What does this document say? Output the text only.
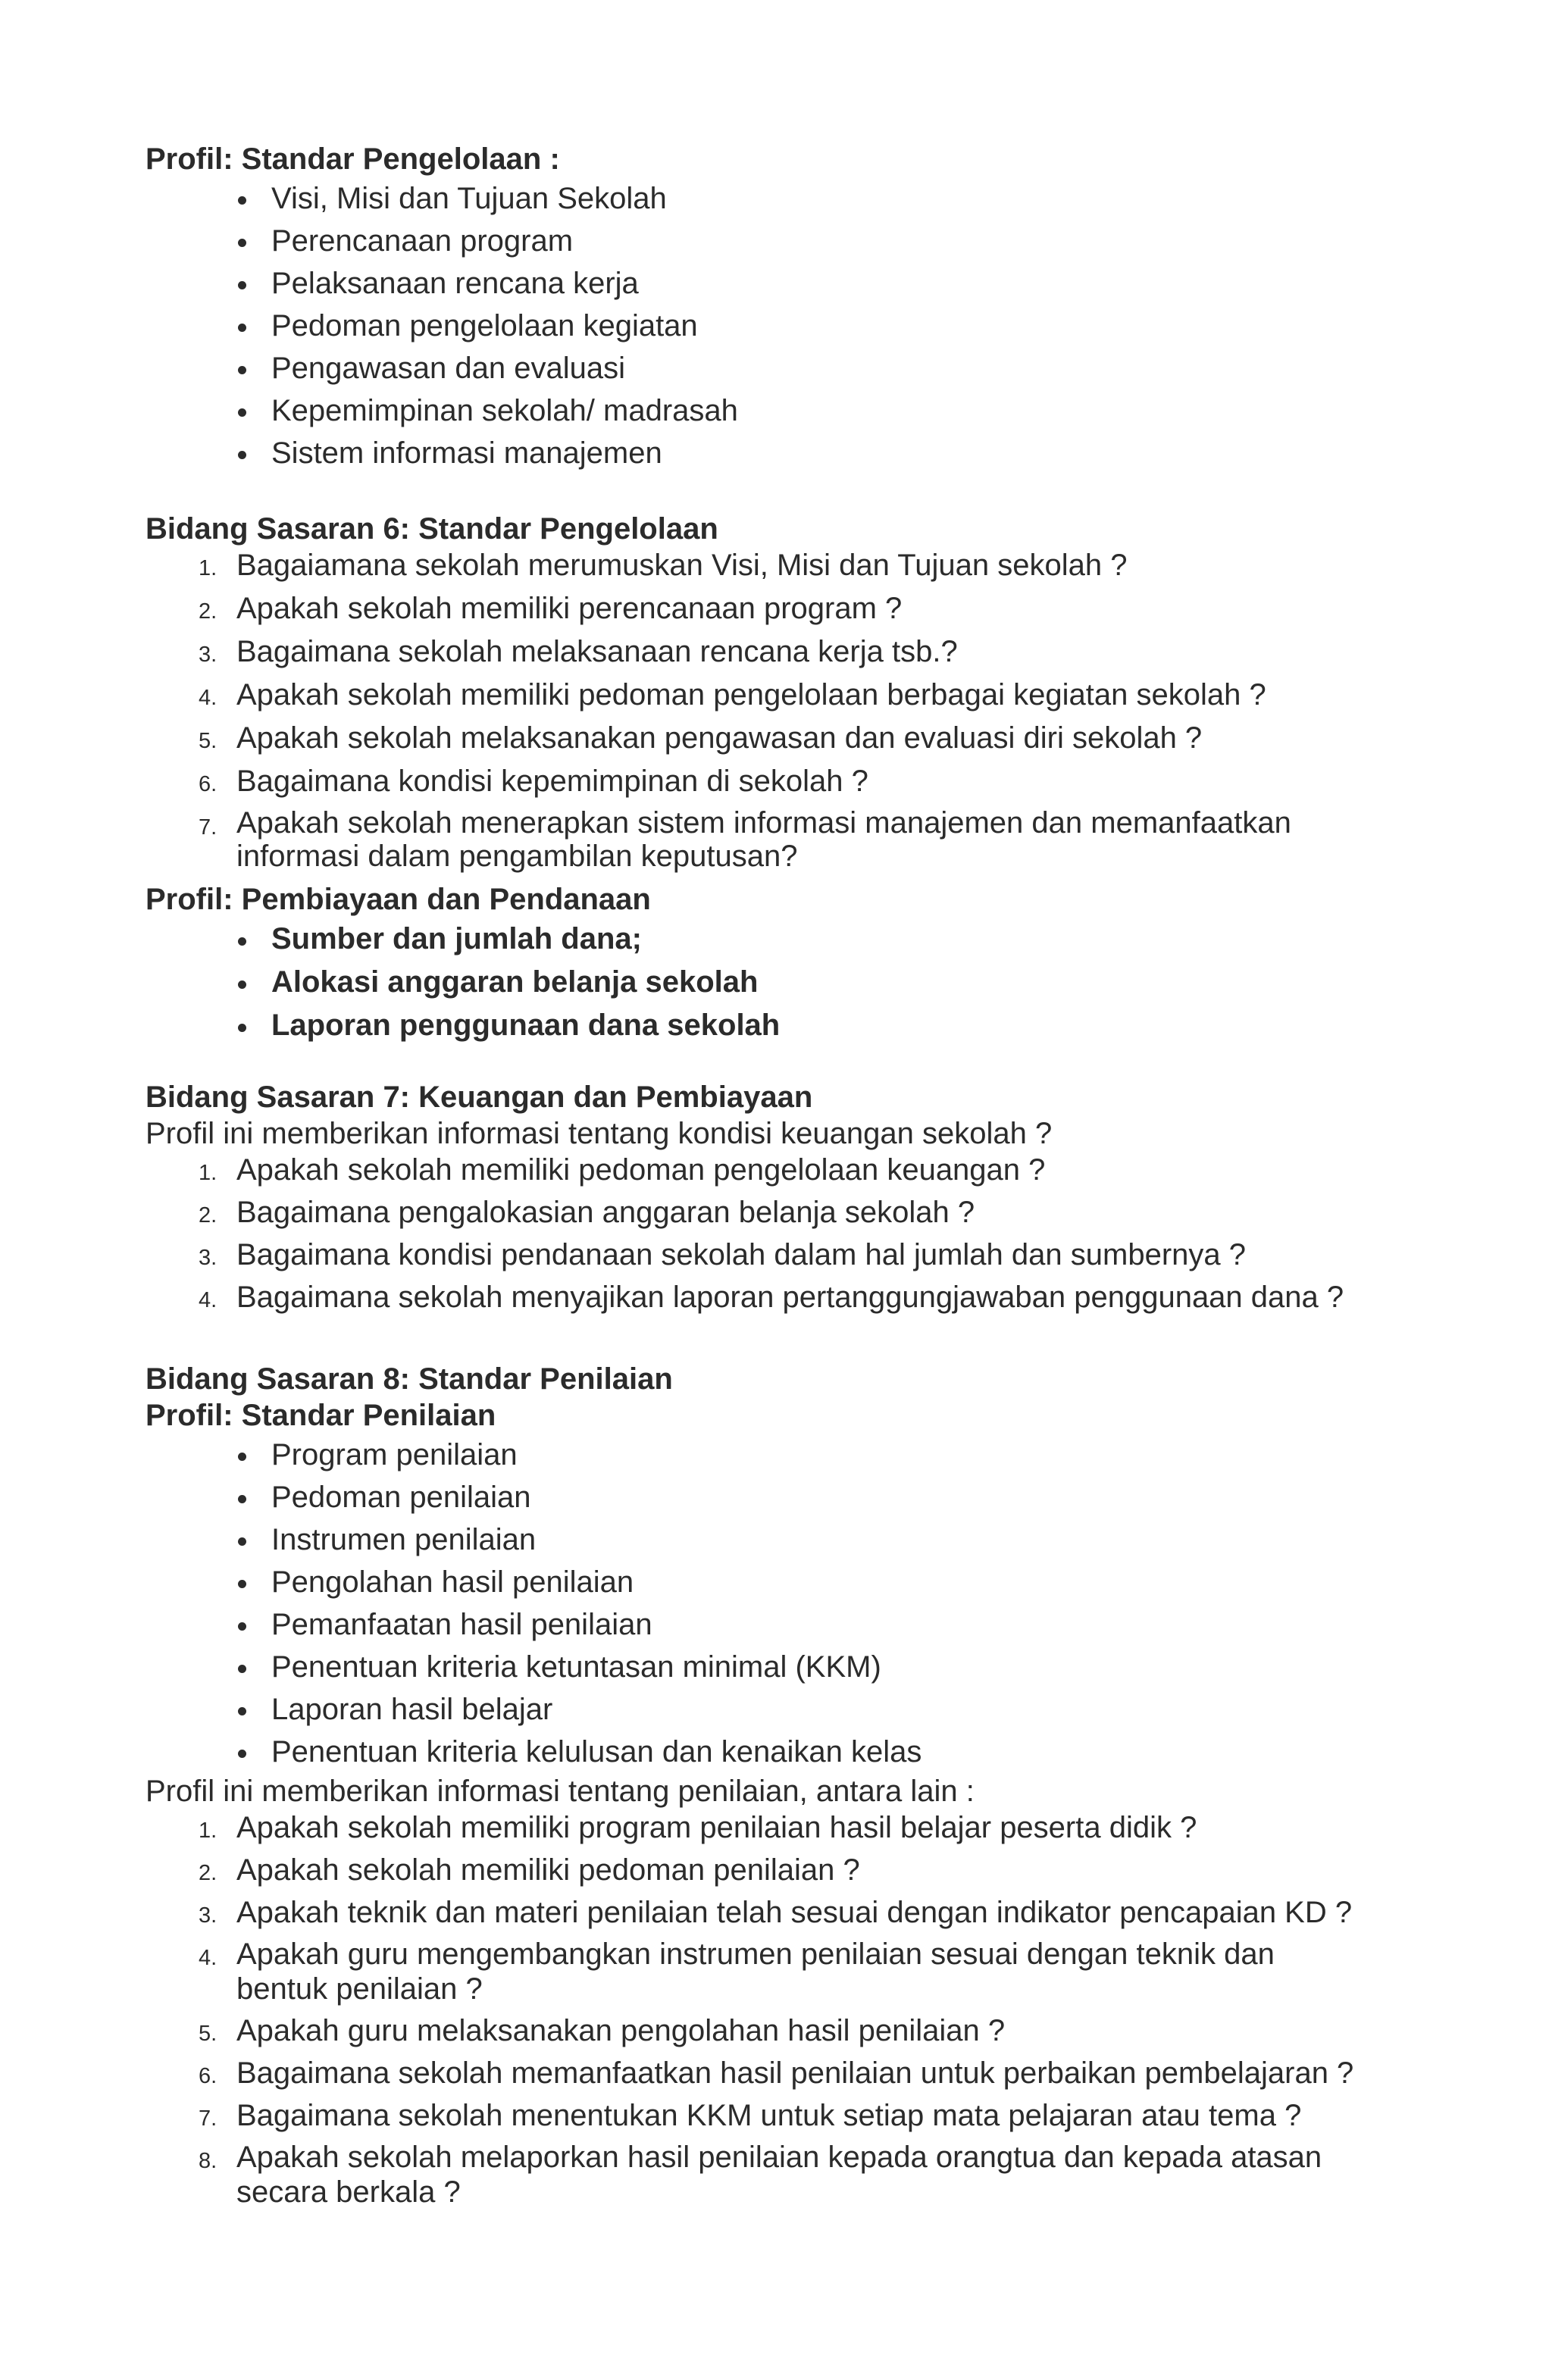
Profil: Standar Pengelolaan :

Visi, Misi dan Tujuan Sekolah
Perencanaan program
Pelaksanaan rencana kerja
Pedoman pengelolaan kegiatan
Pengawasan dan evaluasi
Kepemimpinan sekolah/ madrasah
Sistem informasi manajemen

Bidang Sasaran 6: Standar Pengelolaan

1. Bagaiamana sekolah merumuskan Visi, Misi dan Tujuan sekolah ?
2. Apakah sekolah memiliki perencanaan program ?
3. Bagaimana sekolah melaksanaan rencana kerja tsb.?
4. Apakah sekolah memiliki pedoman pengelolaan berbagai kegiatan sekolah ?
5. Apakah sekolah melaksanakan pengawasan dan evaluasi diri sekolah ?
6. Bagaimana kondisi kepemimpinan di sekolah ?
7. Apakah sekolah menerapkan sistem informasi manajemen dan memanfaatkan informasi dalam pengambilan keputusan?

Profil: Pembiayaan dan Pendanaan

Sumber dan jumlah dana;
Alokasi anggaran belanja sekolah
Laporan penggunaan dana sekolah

Bidang Sasaran 7: Keuangan dan Pembiayaan

Profil ini memberikan informasi tentang kondisi keuangan sekolah ?

1. Apakah sekolah memiliki pedoman pengelolaan keuangan ?
2. Bagaimana pengalokasian anggaran belanja sekolah ?
3. Bagaimana kondisi pendanaan sekolah dalam hal jumlah dan sumbernya ?
4. Bagaimana sekolah menyajikan laporan pertanggungjawaban penggunaan dana ?

Bidang Sasaran 8: Standar Penilaian

Profil: Standar Penilaian

Program penilaian
Pedoman penilaian
Instrumen penilaian
Pengolahan hasil penilaian
Pemanfaatan hasil penilaian
Penentuan kriteria ketuntasan minimal (KKM)
Laporan hasil belajar
Penentuan kriteria kelulusan dan kenaikan kelas

Profil ini memberikan informasi tentang penilaian, antara lain :

1. Apakah sekolah memiliki program penilaian hasil belajar peserta didik ?
2. Apakah sekolah memiliki pedoman penilaian ?
3. Apakah teknik dan materi penilaian telah sesuai dengan indikator pencapaian KD ?
4. Apakah guru mengembangkan instrumen penilaian sesuai dengan teknik dan bentuk penilaian ?
5. Apakah guru melaksanakan pengolahan hasil penilaian ?
6. Bagaimana sekolah memanfaatkan hasil penilaian untuk perbaikan pembelajaran ?
7. Bagaimana sekolah menentukan KKM untuk setiap mata pelajaran atau tema ?
8. Apakah sekolah melaporkan hasil penilaian kepada orangtua dan kepada atasan secara berkala ?
